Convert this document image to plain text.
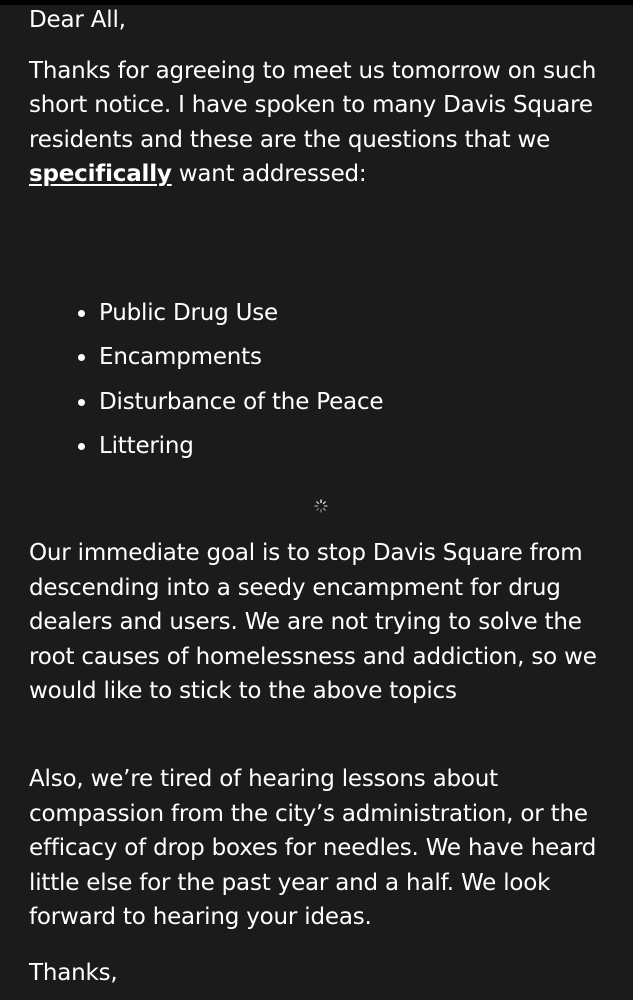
Dear All,

Thanks for agreeing to meet us tomorrow on such short notice. I have spoken to many Davis Square residents and these are the questions that we specifically want addressed:

Public Drug Use
Encampments
Disturbance of the Peace
Littering
Our immediate goal is to stop Davis Square from descending into a seedy encampment for drug dealers and users. We are not trying to solve the root causes of homelessness and addiction, so we would like to stick to the above topics
Also, we’re tired of hearing lessons about compassion from the city’s administration, or the efficacy of drop boxes for needles. We have heard little else for the past year and a half. We look forward to hearing your ideas.
Thanks,
